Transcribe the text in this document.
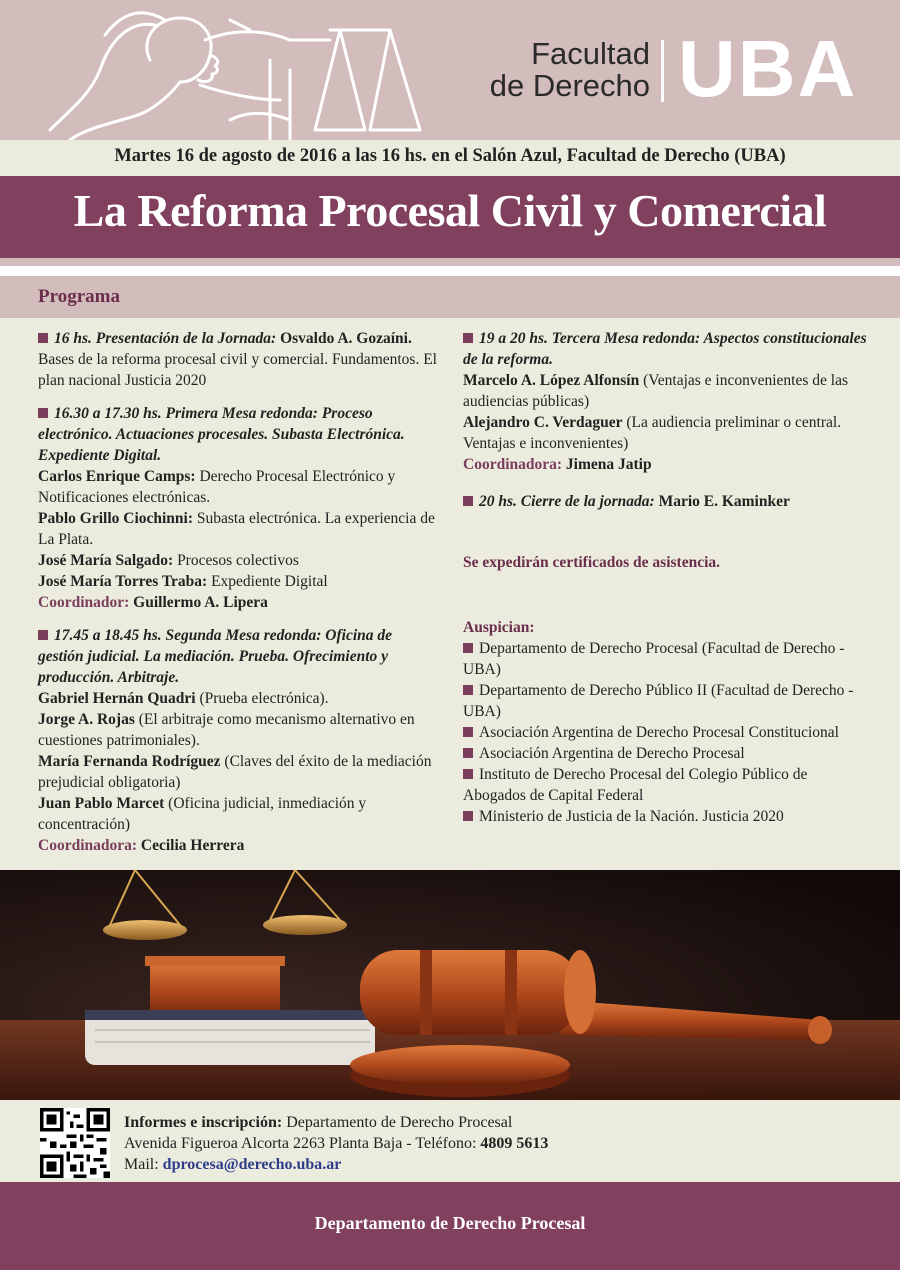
Facultad
de Derecho UBA
Martes 16 de agosto de 2016 a las 16 hs. en el Salón Azul, Facultad de Derecho (UBA)
La Reforma Procesal Civil y Comercial
Programa

16 hs. Presentación de la Jornada: Osvaldo A. Gozaíni.

Bases de la reforma procesal civil y comercial. Fundamentos. El plan nacional Justicia 2020

16.30 a 17.30 hs. Primera Mesa redonda: Proceso electrónico. Actuaciones procesales. Subasta Electrónica. Expediente Digital.

Carlos Enrique Camps: Derecho Procesal Electrónico y Notificaciones electrónicas.

Pablo Grillo Ciochinni: Subasta electrónica. La experiencia de La Plata.

José María Salgado: Procesos colectivos

José María Torres Traba: Expediente Digital

Coordinador: Guillermo A. Lipera

17.45 a 18.45 hs. Segunda Mesa redonda: Oficina de gestión judicial. La mediación. Prueba. Ofrecimiento y producción. Arbitraje.

Gabriel Hernán Quadri (Prueba electrónica).

Jorge A. Rojas (El arbitraje como mecanismo alternativo en cuestiones patrimoniales).

María Fernanda Rodríguez (Claves del éxito de la mediación prejudicial obligatoria)

Juan Pablo Marcet (Oficina judicial, inmediación y concentración)

Coordinadora: Cecilia Herrera

19 a 20 hs. Tercera Mesa redonda: Aspectos constitucionales de la reforma.

Marcelo A. López Alfonsín (Ventajas e inconvenientes de las audiencias públicas)

Alejandro C. Verdaguer (La audiencia preliminar o central. Ventajas e inconvenientes)

Coordinadora: Jimena Jatip

20 hs. Cierre de la jornada: Mario E. Kaminker

Se expedirán certificados de asistencia.

Auspician:

Departamento de Derecho Procesal (Facultad de Derecho - UBA)

Departamento de Derecho Público II (Facultad de Derecho - UBA)

Asociación Argentina de Derecho Procesal Constitucional

Asociación Argentina de Derecho Procesal

Instituto de Derecho Procesal del Colegio Público de Abogados de Capital Federal

Ministerio de Justicia de la Nación. Justicia 2020

Informes e inscripción: Departamento de Derecho Procesal

Avenida Figueroa Alcorta 2263 Planta Baja - Teléfono: 4809 5613

Mail: dprocesa@derecho.uba.ar

Departamento de Derecho Procesal
